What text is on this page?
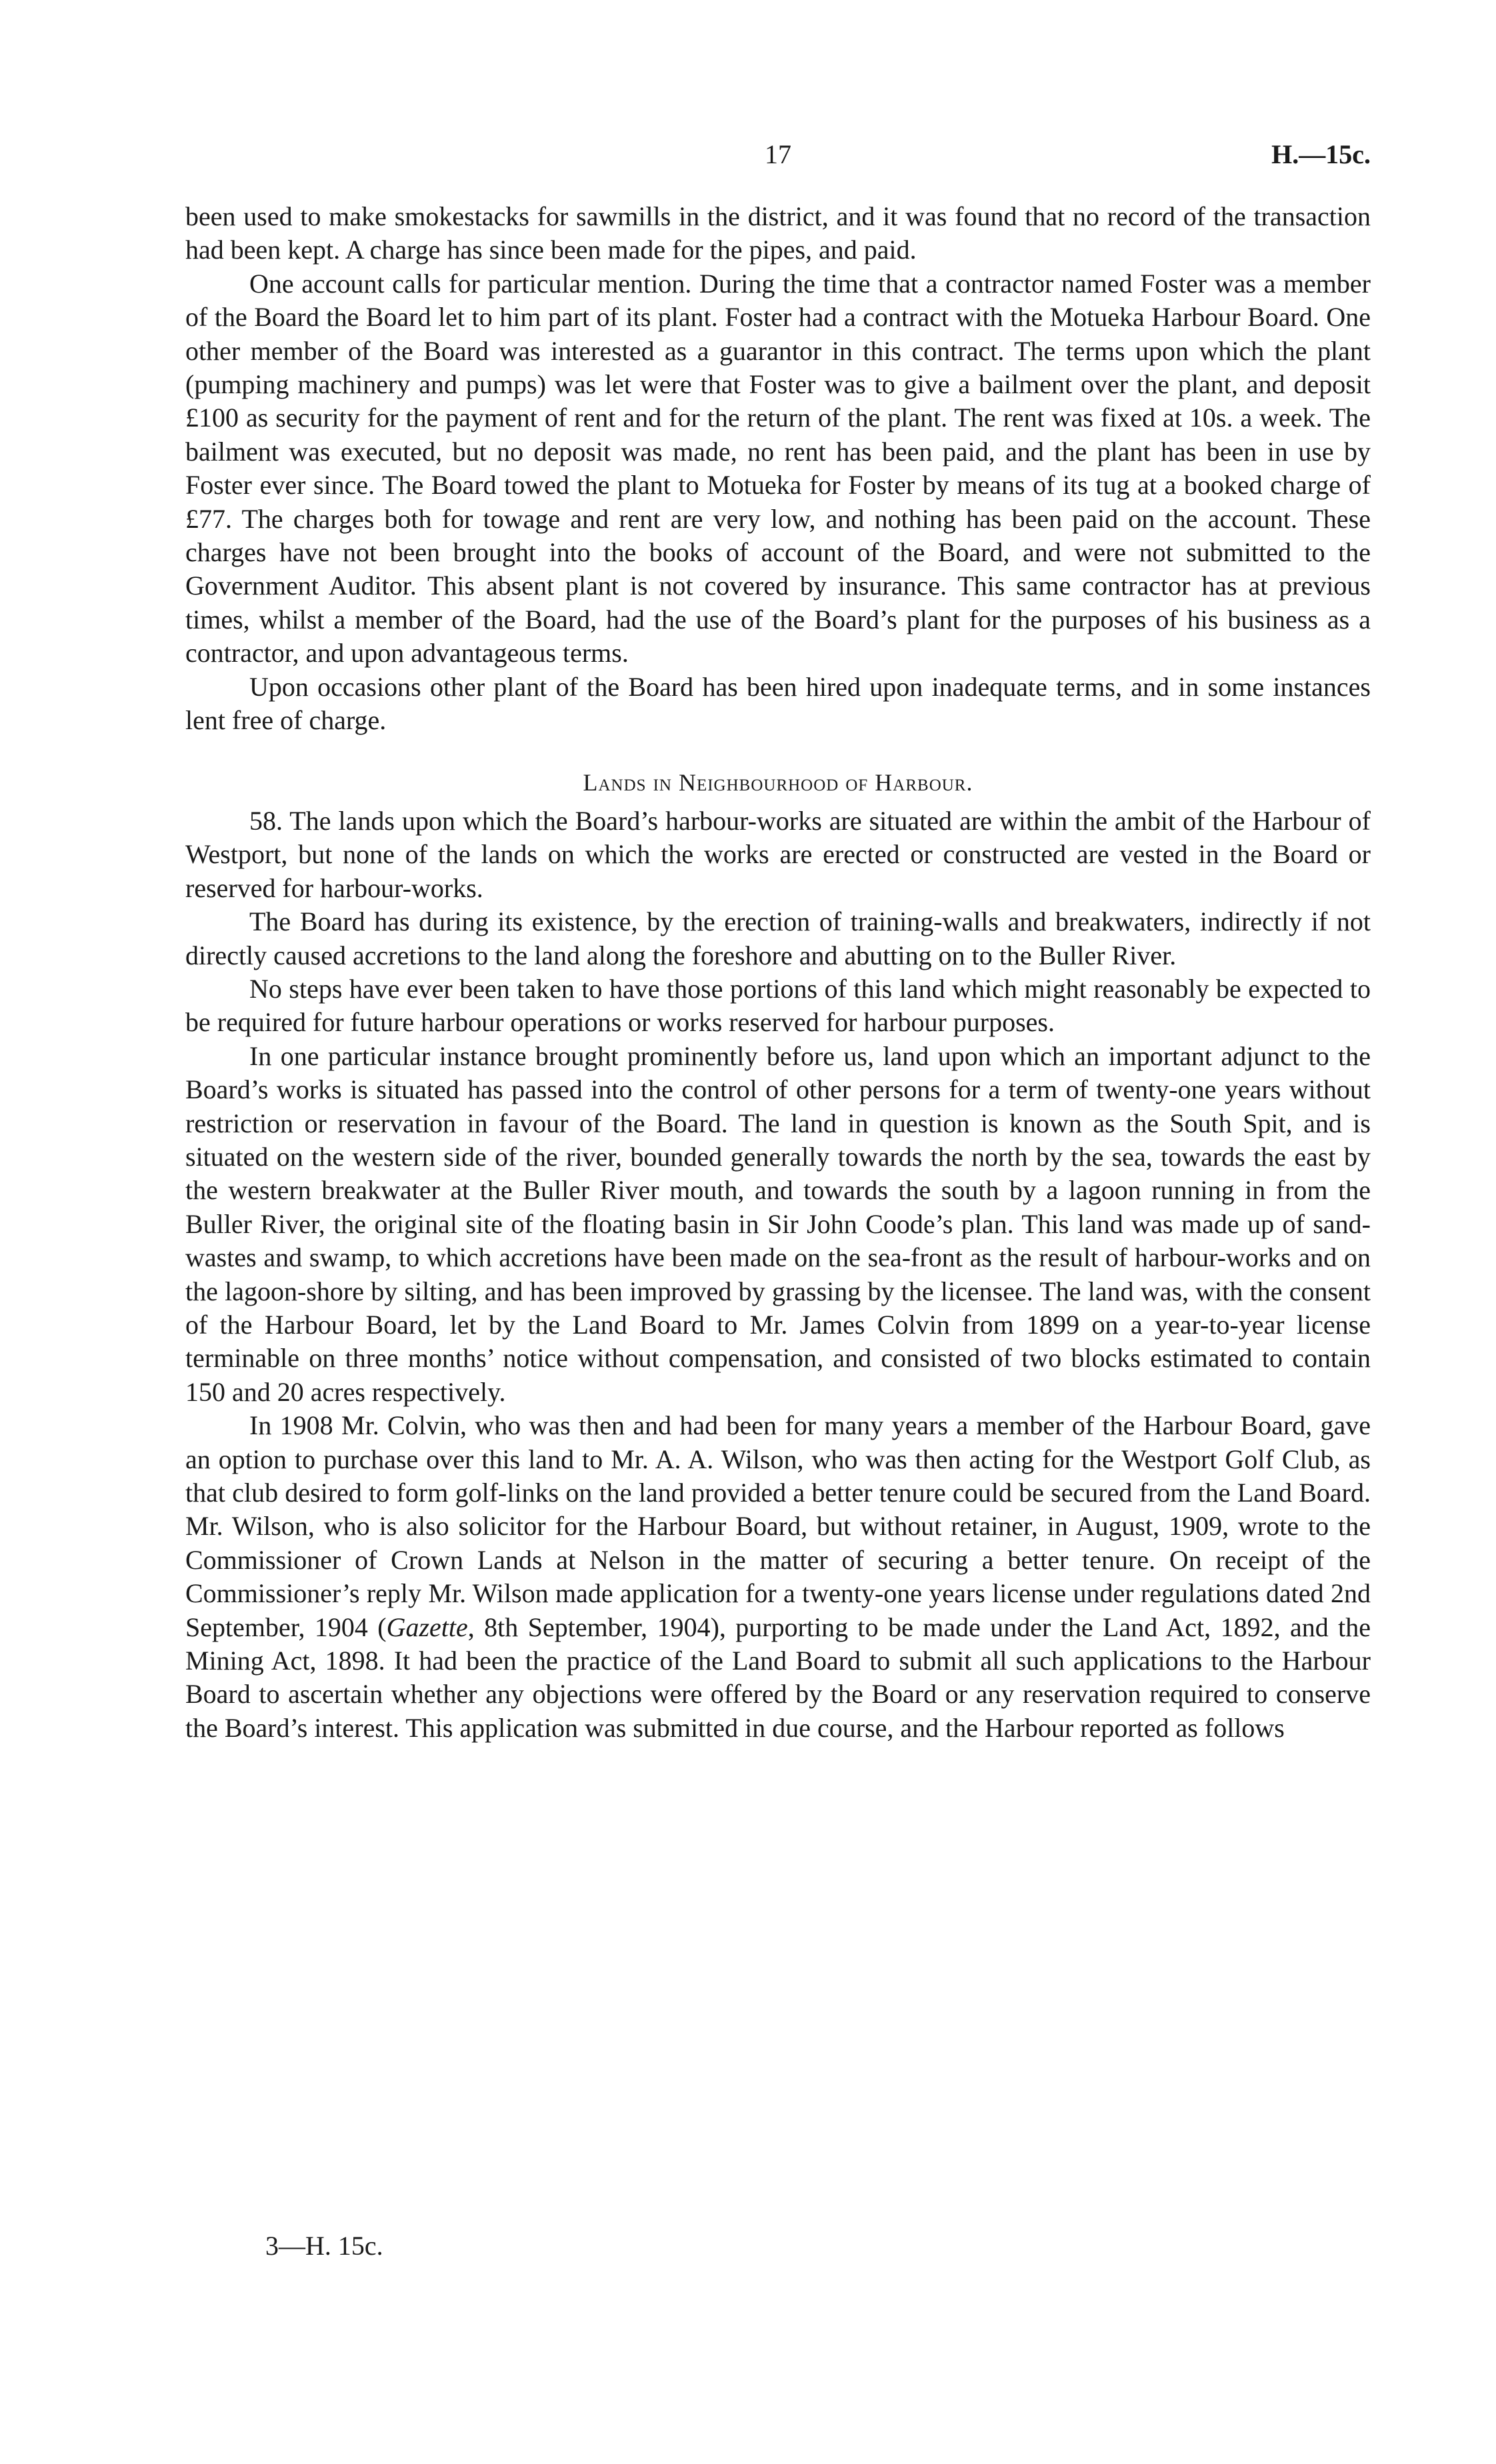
17	H.—15c.

been used to make smokestacks for sawmills in the district, and it was found that no record of the transaction had been kept. A charge has since been made for the pipes, and paid.

One account calls for particular mention. During the time that a contractor named Foster was a member of the Board the Board let to him part of its plant. Foster had a contract with the Motueka Harbour Board. One other member of the Board was interested as a guarantor in this contract. The terms upon which the plant (pumping machinery and pumps) was let were that Foster was to give a bailment over the plant, and deposit £100 as security for the payment of rent and for the return of the plant. The rent was fixed at 10s. a week. The bailment was executed, but no deposit was made, no rent has been paid, and the plant has been in use by Foster ever since. The Board towed the plant to Motueka for Foster by means of its tug at a booked charge of £77. The charges both for towage and rent are very low, and nothing has been paid on the account. These charges have not been brought into the books of account of the Board, and were not submitted to the Government Auditor. This absent plant is not covered by insurance. This same contractor has at previous times, whilst a member of the Board, had the use of the Board’s plant for the purposes of his business as a contractor, and upon advantageous terms.

Upon occasions other plant of the Board has been hired upon inadequate terms, and in some instances lent free of charge.

Lands in Neighbourhood of Harbour.

58. The lands upon which the Board’s harbour-works are situated are within the ambit of the Harbour of Westport, but none of the lands on which the works are erected or constructed are vested in the Board or reserved for harbour-works.

The Board has during its existence, by the erection of training-walls and breakwaters, indirectly if not directly caused accretions to the land along the foreshore and abutting on to the Buller River.

No steps have ever been taken to have those portions of this land which might reasonably be expected to be required for future harbour operations or works reserved for harbour purposes.

In one particular instance brought prominently before us, land upon which an important adjunct to the Board’s works is situated has passed into the control of other persons for a term of twenty-one years without restriction or reservation in favour of the Board. The land in question is known as the South Spit, and is situated on the western side of the river, bounded generally towards the north by the sea, towards the east by the western breakwater at the Buller River mouth, and towards the south by a lagoon running in from the Buller River, the original site of the floating basin in Sir John Coode’s plan. This land was made up of sand-wastes and swamp, to which accretions have been made on the sea-front as the result of harbour-works and on the lagoon-shore by silting, and has been improved by grassing by the licensee. The land was, with the consent of the Harbour Board, let by the Land Board to Mr. James Colvin from 1899 on a year-to-year license terminable on three months’ notice without compensation, and consisted of two blocks estimated to contain 150 and 20 acres respectively.

In 1908 Mr. Colvin, who was then and had been for many years a member of the Harbour Board, gave an option to purchase over this land to Mr. A. A. Wilson, who was then acting for the Westport Golf Club, as that club desired to form golf-links on the land provided a better tenure could be secured from the Land Board. Mr. Wilson, who is also solicitor for the Harbour Board, but without retainer, in August, 1909, wrote to the Commissioner of Crown Lands at Nelson in the matter of securing a better tenure. On receipt of the Commissioner’s reply Mr. Wilson made application for a twenty-one years license under regulations dated 2nd September, 1904 (Gazette, 8th September, 1904), purporting to be made under the Land Act, 1892, and the Mining Act, 1898. It had been the practice of the Land Board to submit all such applications to the Harbour Board to ascertain whether any objections were offered by the Board or any reservation required to conserve the Board’s interest. This application was submitted in due course, and the Harbour reported as follows

3—H. 15c.
